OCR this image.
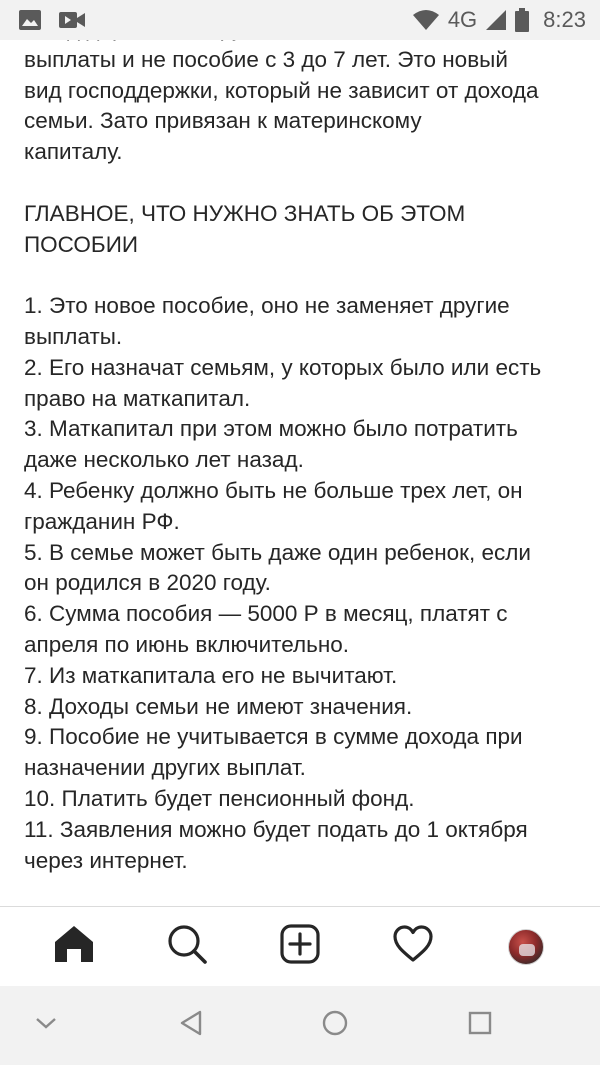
4G	8:23
выплаты и не пособие с 3 до 7 лет. Это новый
вид господдержки, который не зависит от дохода
семьи. Зато привязан к материнскому
капиталу.
ГЛАВНОЕ, ЧТО НУЖНО ЗНАТЬ ОБ ЭТОМ
ПОСОБИИ
1. Это новое пособие, оно не заменяет другие
выплаты.
2. Его назначат семьям, у которых было или есть
право на маткапитал.
3. Маткапитал при этом можно было потратить
даже несколько лет назад.
4. Ребенку должно быть не больше трех лет, он
гражданин РФ.
5. В семье может быть даже один ребенок, если
он родился в 2020 году.
6. Сумма пособия — 5000 Р в месяц, платят с
апреля по июнь включительно.
7. Из маткапитала его не вычитают.
8. Доходы семьи не имеют значения.
9. Пособие не учитывается в сумме дохода при
назначении других выплат.
10. Платить будет пенсионный фонд.
11. Заявления можно будет подать до 1 октября
через интернет.
